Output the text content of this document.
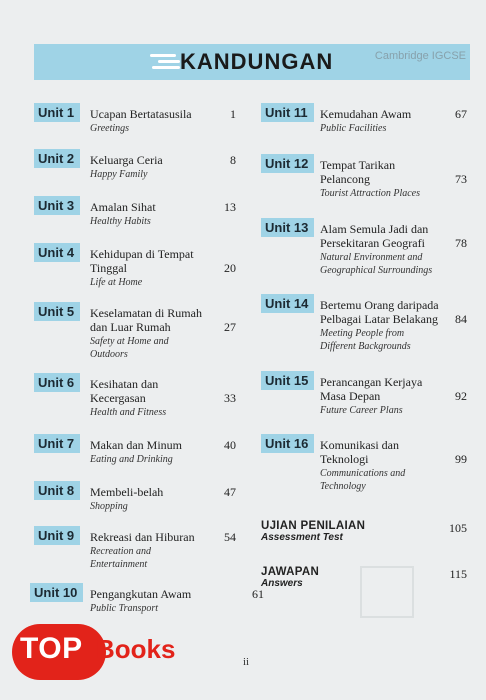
KANDUNGAN	Cambridge IGCSE
Unit 1	Ucapan Bertatasusila
Greetings
1
Unit 2	Keluarga Ceria
Happy Family
8
Unit 3	Amalan Sihat
Healthy Habits
13
Unit 4	Kehidupan di Tempat Tinggal
Life at Home
20
Unit 5	Keselamatan di Rumah dan Luar Rumah
Safety at Home and Outdoors
27
Unit 6	Kesihatan dan Kecergasan
Health and Fitness
33
Unit 7	Makan dan Minum
Eating and Drinking
40
Unit 8	Membeli-belah
Shopping
47
Unit 9	Rekreasi dan Hiburan
Recreation and Entertainment
54
Unit 10	Pengangkutan Awam
Public Transport
61
Unit 11	Kemudahan Awam
Public Facilities
67
Unit 12 Tempat Tarikan Pelancong
Tourist Attraction Places
73
Unit 13 Alam Semula Jadi dan Persekitaran Geografi
Natural Environment and Geographical Surroundings
78
Unit 14 Bertemu Orang daripada Pelbagai Latar Belakang
Meeting People from Different Backgrounds
84
Unit 15 Perancangan Kerjaya Masa Depan
Future Career Plans
92
Unit 16 Komunikasi dan Teknologi
Communications and Technology
99
UJIAN PENILAIAN
Assessment Test
105
JAWAPAN
Answers
115
TOP Books	ii
